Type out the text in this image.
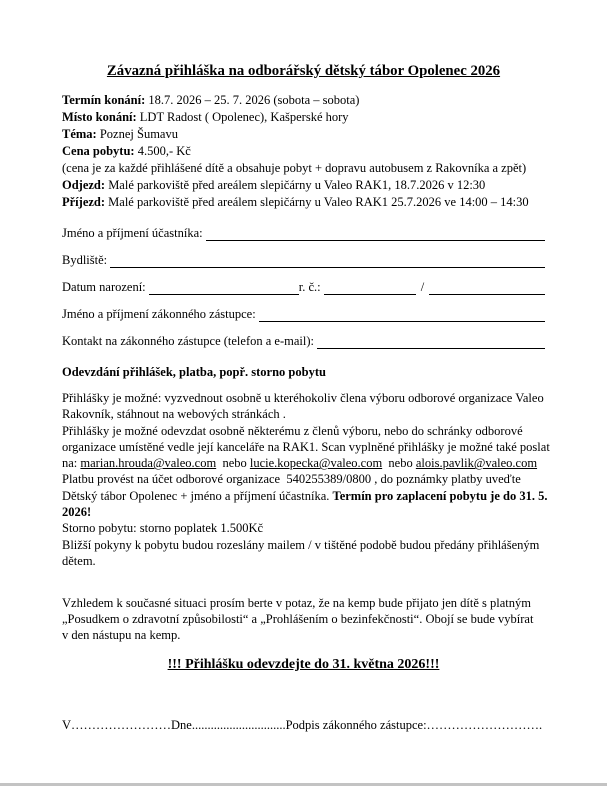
Závazná přihláška na odborářský dětský tábor Opolenec 2026
Termín konání: 18.7. 2026 – 25. 7. 2026 (sobota – sobota)
Místo konání: LDT Radost ( Opolenec), Kašperské hory
Téma: Poznej Šumavu
Cena pobytu: 4.500,- Kč
(cena je za každé přihlášené dítě a obsahuje pobyt + dopravu autobusem z Rakovníka a zpět)
Odjezd: Malé parkoviště před areálem slepičárny u Valeo RAK1, 18.7.2026 v 12:30
Příjezd: Malé parkoviště před areálem slepičárny u Valeo RAK1 25.7.2026 ve 14:00 – 14:30
Jméno a příjmení účastníka:
Bydliště:
Datum narození:	r. č.:	/
Jméno a příjmení zákonného zástupce:
Kontakt na zákonného zástupce (telefon a e-mail):
Odevzdání přihlášek, platba, popř. storno pobytu
Přihlášky je možné: vyzvednout osobně u kteréhokoliv člena výboru odborové organizace Valeo
Rakovník, stáhnout na webových stránkách .
Přihlášky je možné odevzdat osobně některému z členů výboru, nebo do schránky odborové
organizace umístěné vedle její kanceláře na RAK1. Scan vyplněné přihlášky je možné také poslat
na: marian.hrouda@valeo.com  nebo lucie.kopecka@valeo.com  nebo alois.pavlik@valeo.com
Platbu provést na účet odborové organizace  540255389/0800 , do poznámky platby uveďte
Dětský tábor Opolenec + jméno a příjmení účastníka. Termín pro zaplacení pobytu je do 31. 5.
2026!
Storno pobytu: storno poplatek 1.500Kč
Bližší pokyny k pobytu budou rozeslány mailem / v tištěné podobě budou předány přihlášeným
dětem.
Vzhledem k současné situaci prosím berte v potaz, že na kemp bude přijato jen dítě s platným
„Posudkem o zdravotní způsobilosti“ a „Prohlášením o bezinfekčnosti“. Obojí se bude vybírat
v den nástupu na kemp.
!!! Přihlášku odevzdejte do 31. května 2026!!!
V……………………Dne..............................Podpis zákonného zástupce:……………………….
